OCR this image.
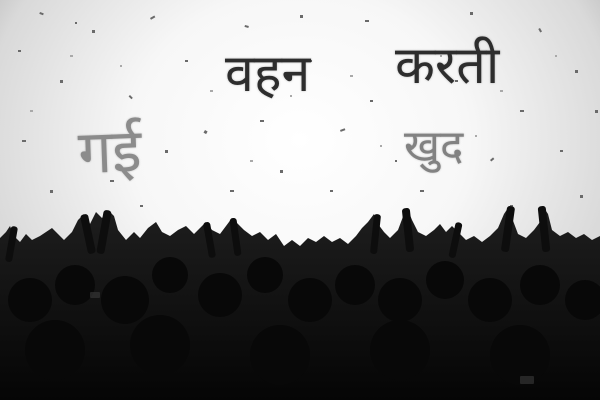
वहन करती
गई	खुद
